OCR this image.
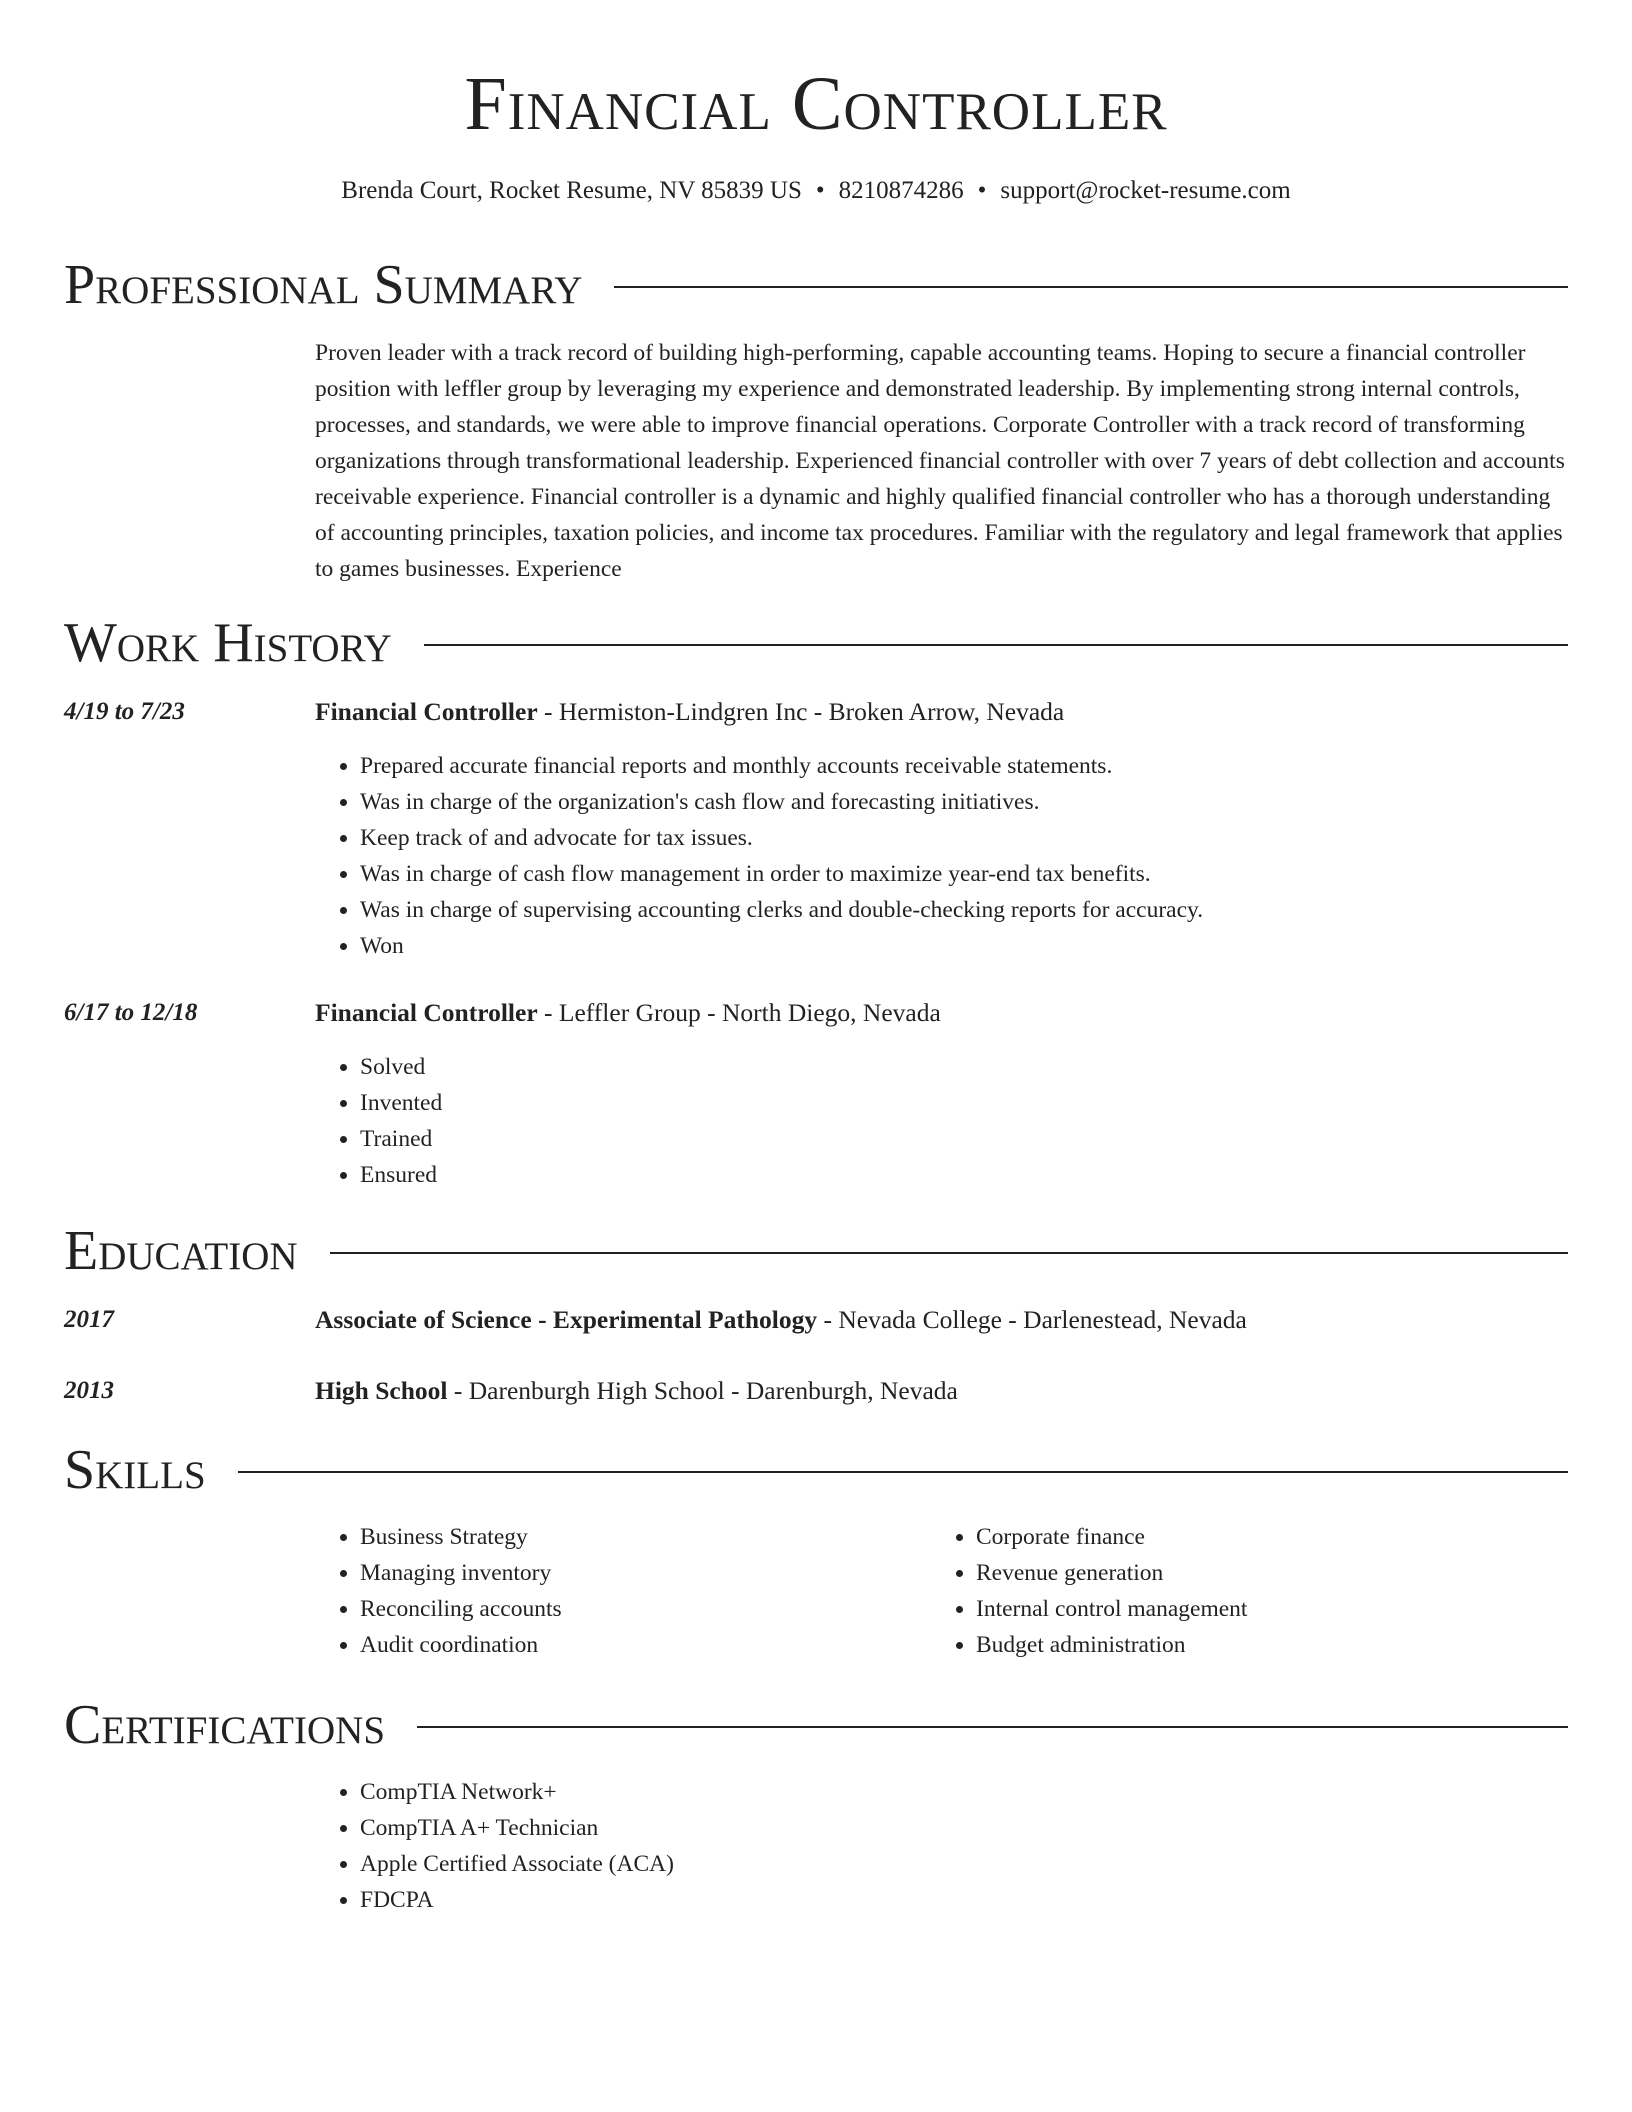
Financial Controller
Brenda Court, Rocket Resume, NV 85839 US • 8210874286 • support@rocket-resume.com
Professional Summary

Proven leader with a track record of building high-performing, capable accounting teams. Hoping to secure a financial controller position with leffler group by leveraging my experience and demonstrated leadership. By implementing strong internal controls, processes, and standards, we were able to improve financial operations. Corporate Controller with a track record of transforming organizations through transformational leadership. Experienced financial controller with over 7 years of debt collection and accounts receivable experience. Financial controller is a dynamic and highly qualified financial controller who has a thorough understanding of accounting principles, taxation policies, and income tax procedures. Familiar with the regulatory and legal framework that applies to games businesses. Experience

Work History
4/19 to 7/23	Financial Controller - Hermiston-Lindgren Inc - Broken Arrow, Nevada
• Prepared accurate financial reports and monthly accounts receivable statements.
• Was in charge of the organization's cash flow and forecasting initiatives.
• Keep track of and advocate for tax issues.
• Was in charge of cash flow management in order to maximize year-end tax benefits.
• Was in charge of supervising accounting clerks and double-checking reports for accuracy.
• Won
6/17 to 12/18	Financial Controller - Leffler Group - North Diego, Nevada
• Solved
• Invented
• Trained
• Ensured
Education
2017	Associate of Science - Experimental Pathology - Nevada College - Darlenestead, Nevada
2013	High School - Darenburgh High School - Darenburgh, Nevada
Skills
• Business Strategy
• Managing inventory
• Reconciling accounts
• Audit coordination
• Corporate finance
• Revenue generation
• Internal control management
• Budget administration
Certifications
• CompTIA Network+
• CompTIA A+ Technician
• Apple Certified Associate (ACA)
• FDCPA
